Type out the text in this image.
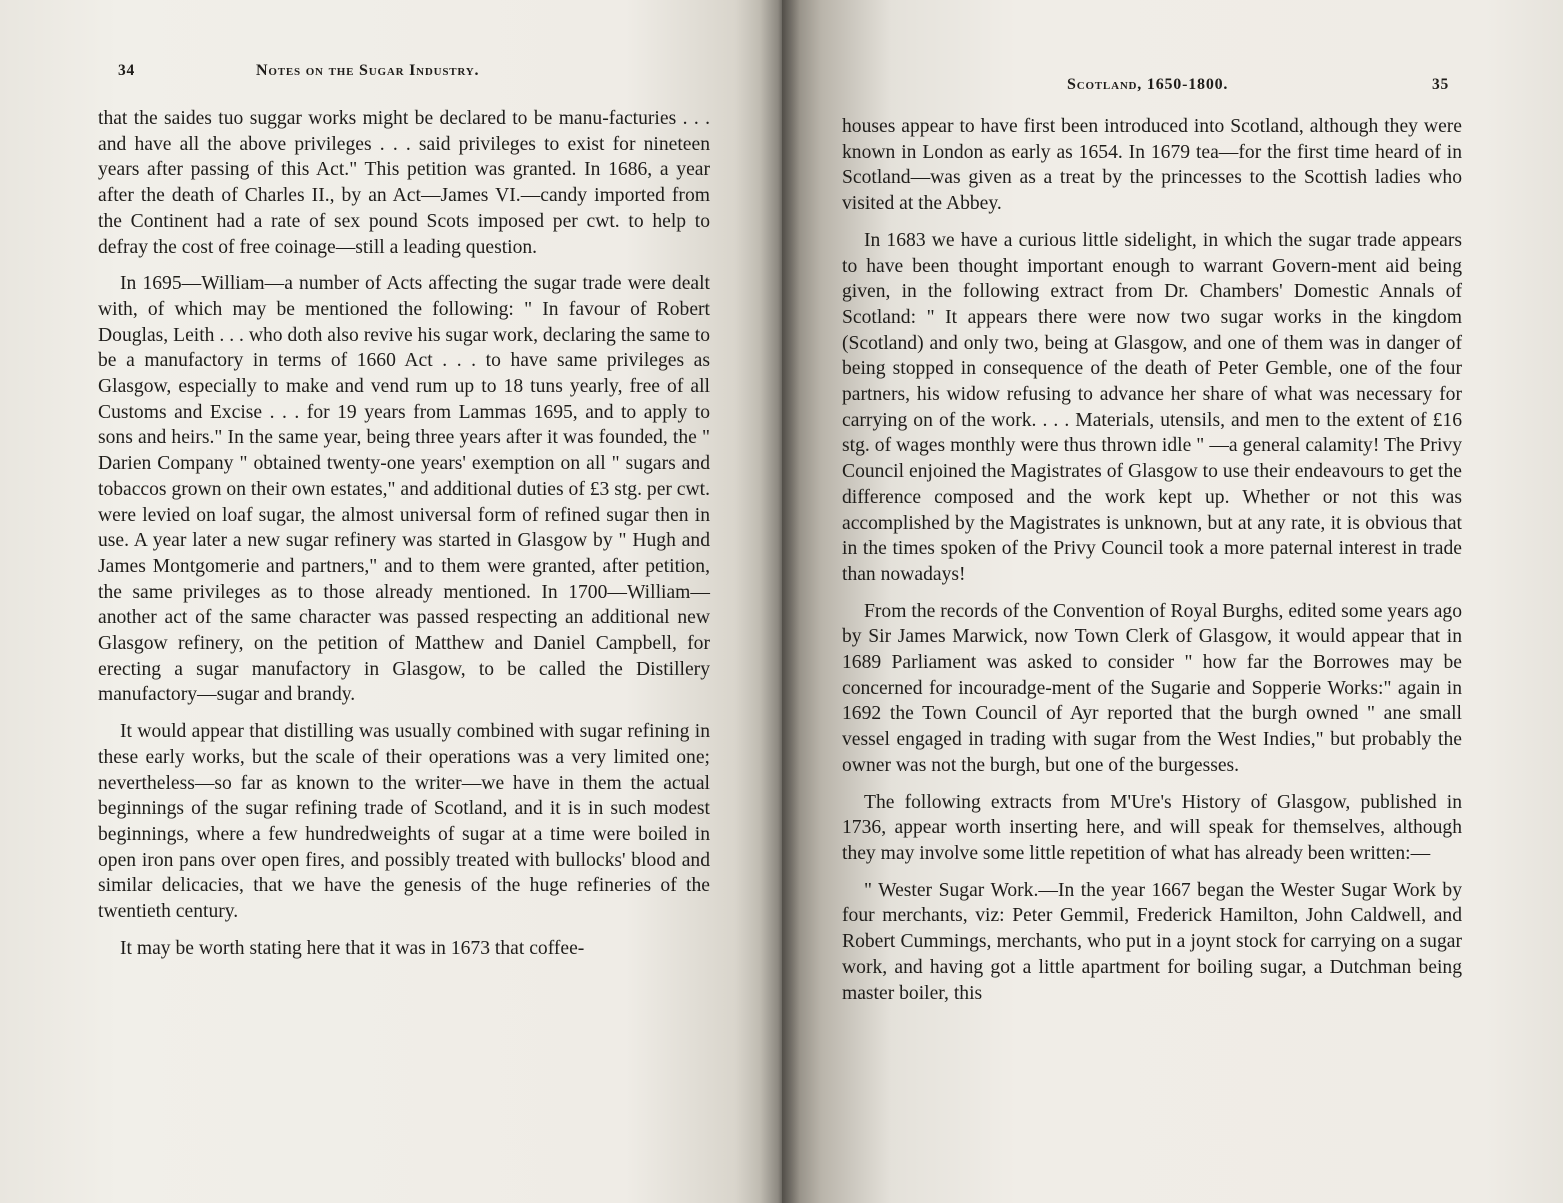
34	Notes on the Sugar Industry.

that the saides tuo suggar works might be declared to be manu-facturies . . . and have all the above privileges . . . said privileges to exist for nineteen years after passing of this Act." This petition was granted. In 1686, a year after the death of Charles II., by an Act—James VI.—candy imported from the Continent had a rate of sex pound Scots imposed per cwt. to help to defray the cost of free coinage—still a leading question.

In 1695—William—a number of Acts affecting the sugar trade were dealt with, of which may be mentioned the following: " In favour of Robert Douglas, Leith . . . who doth also revive his sugar work, declaring the same to be a manufactory in terms of 1660 Act . . . to have same privileges as Glasgow, especially to make and vend rum up to 18 tuns yearly, free of all Customs and Excise . . . for 19 years from Lammas 1695, and to apply to sons and heirs." In the same year, being three years after it was founded, the " Darien Company " obtained twenty-one years' exemption on all " sugars and tobaccos grown on their own estates," and additional duties of £3 stg. per cwt. were levied on loaf sugar, the almost universal form of refined sugar then in use. A year later a new sugar refinery was started in Glasgow by " Hugh and James Montgomerie and partners," and to them were granted, after petition, the same privileges as to those already mentioned. In 1700—William—another act of the same character was passed respecting an additional new Glasgow refinery, on the petition of Matthew and Daniel Campbell, for erecting a sugar manufactory in Glasgow, to be called the Distillery manufactory—sugar and brandy.

It would appear that distilling was usually combined with sugar refining in these early works, but the scale of their operations was a very limited one; nevertheless—so far as known to the writer—we have in them the actual beginnings of the sugar refining trade of Scotland, and it is in such modest beginnings, where a few hundredweights of sugar at a time were boiled in open iron pans over open fires, and possibly treated with bullocks' blood and similar delicacies, that we have the genesis of the huge refineries of the twentieth century.

It may be worth stating here that it was in 1673 that coffee-

Scotland, 1650-1800.	35

houses appear to have first been introduced into Scotland, although they were known in London as early as 1654. In 1679 tea—for the first time heard of in Scotland—was given as a treat by the princesses to the Scottish ladies who visited at the Abbey.

In 1683 we have a curious little sidelight, in which the sugar trade appears to have been thought important enough to warrant Govern-ment aid being given, in the following extract from Dr. Chambers' Domestic Annals of Scotland: " It appears there were now two sugar works in the kingdom (Scotland) and only two, being at Glasgow, and one of them was in danger of being stopped in consequence of the death of Peter Gemble, one of the four partners, his widow refusing to advance her share of what was necessary for carrying on of the work. . . . Materials, utensils, and men to the extent of £16 stg. of wages monthly were thus thrown idle " —a general calamity! The Privy Council enjoined the Magistrates of Glasgow to use their endeavours to get the difference composed and the work kept up. Whether or not this was accomplished by the Magistrates is unknown, but at any rate, it is obvious that in the times spoken of the Privy Council took a more paternal interest in trade than nowadays!

From the records of the Convention of Royal Burghs, edited some years ago by Sir James Marwick, now Town Clerk of Glasgow, it would appear that in 1689 Parliament was asked to consider " how far the Borrowes may be concerned for incouradge-ment of the Sugarie and Sopperie Works:" again in 1692 the Town Council of Ayr reported that the burgh owned " ane small vessel engaged in trading with sugar from the West Indies," but probably the owner was not the burgh, but one of the burgesses.

The following extracts from M'Ure's History of Glasgow, published in 1736, appear worth inserting here, and will speak for themselves, although they may involve some little repetition of what has already been written:—

" Wester Sugar Work.—In the year 1667 began the Wester Sugar Work by four merchants, viz: Peter Gemmil, Frederick Hamilton, John Caldwell, and Robert Cummings, merchants, who put in a joynt stock for carrying on a sugar work, and having got a little apartment for boiling sugar, a Dutchman being master boiler, this
